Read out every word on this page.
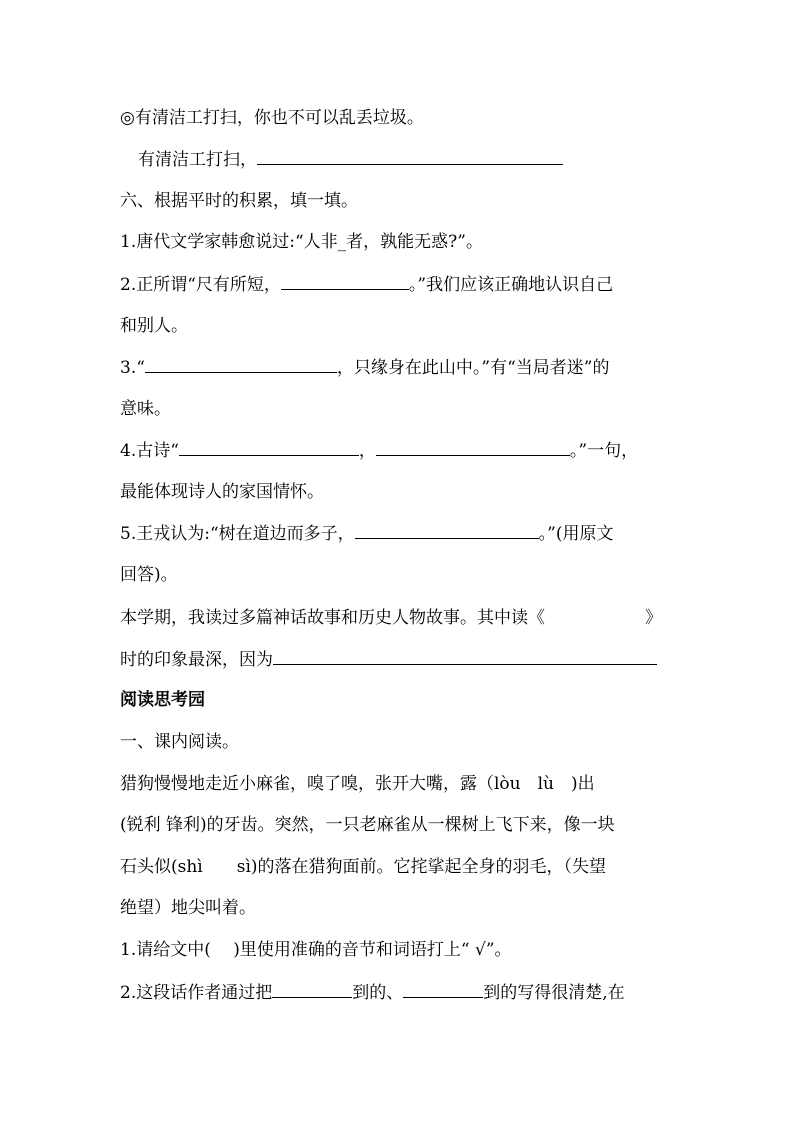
◎有清洁工打扫，你也不可以乱丢垃圾。
有清洁工打扫，
六、根据平时的积累，填一填。
1.唐代文学家韩愈说过:“人非_者，孰能无惑?”。
2.正所谓“尺有所短，	。”我们应该正确地认识自己
和别人。
3.“	，只缘身在此山中。”有“当局者迷”的
意味。
4.古诗“	，	。”一句，
最能体现诗人的家国情怀。
5.王戎认为:“树在道边而多子，	。”(用原文
回答)。
本学期，我读过多篇神话故事和历史人物故事。其中读《	》
时的印象最深，因为
阅读思考园
一、课内阅读。
猎狗慢慢地走近小麻雀，嗅了嗅，张开大嘴，露（lòu　lù　)出
(锐利 锋利)的牙齿。突然，一只老麻雀从一棵树上飞下来，像一块
石头似(shì　　sì)的落在猎狗面前。它挓挲起全身的羽毛，（失望
绝望）地尖叫着。
1.请给文中(　 )里使用准确的音节和词语打上“ √”。
2.这段话作者通过把	到的、	到的写得很清楚,在
